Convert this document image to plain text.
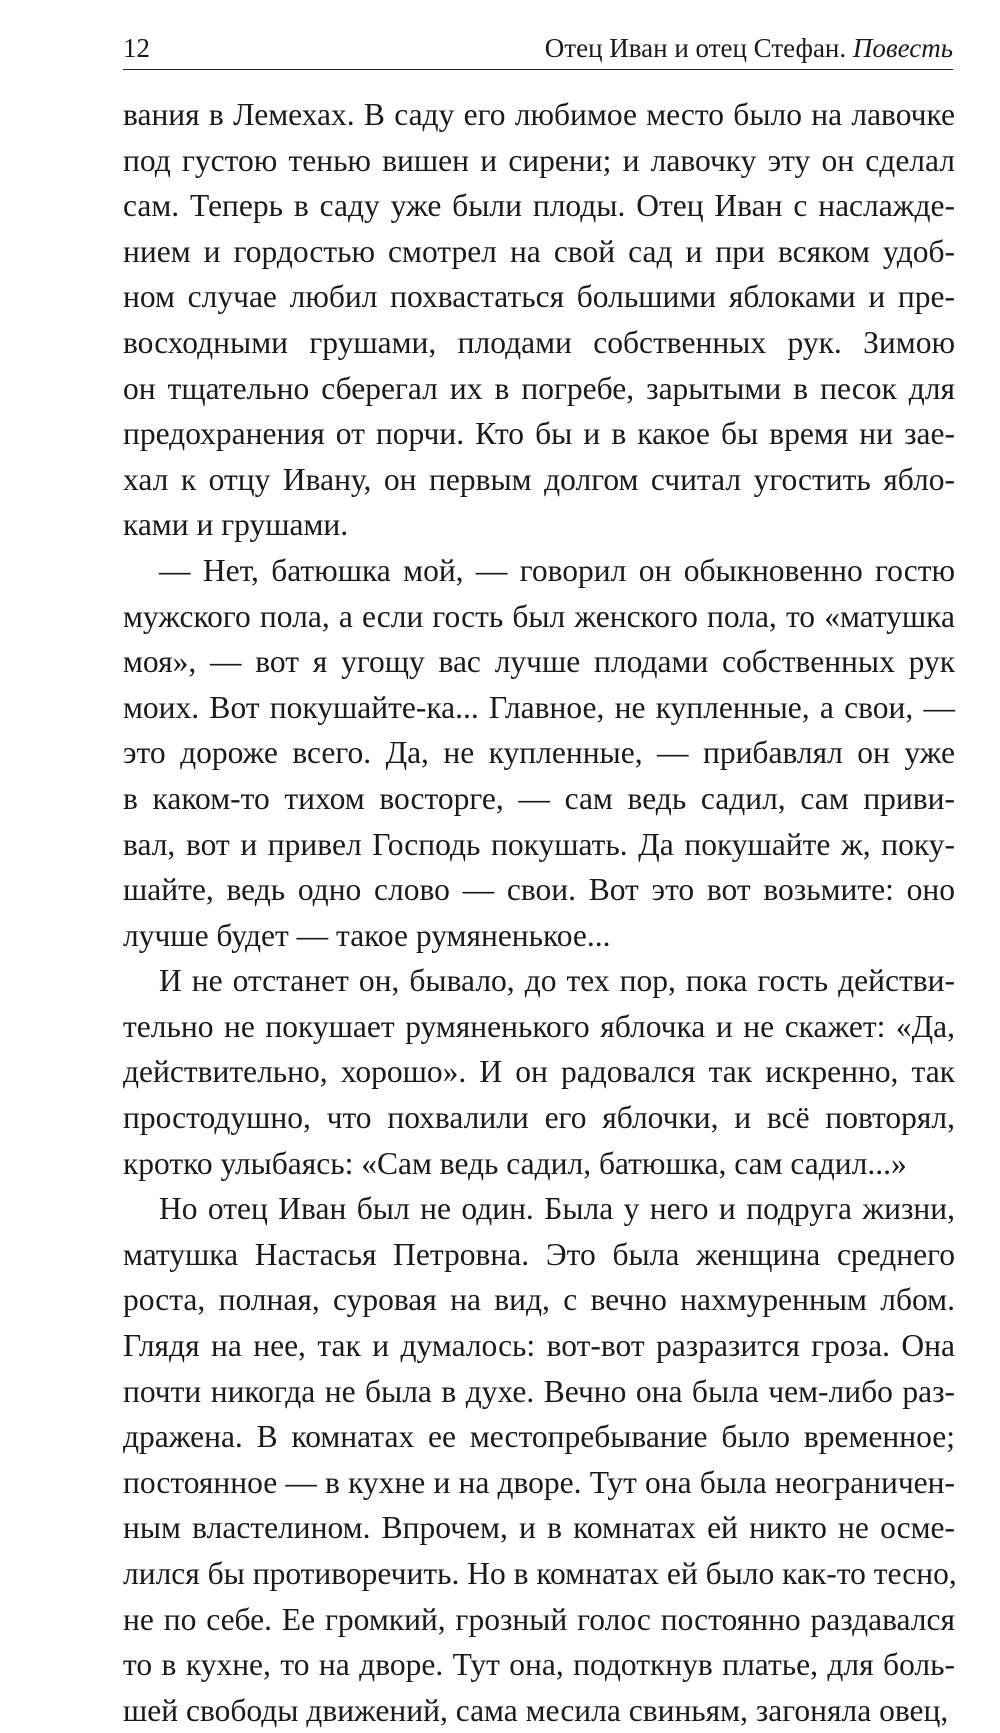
12	Отец Иван и отец Стефан. Повесть
вания в Лемехах. В саду его любимое место было на лавочке
под густою тенью вишен и сирени; и лавочку эту он сделал
сам. Теперь в саду уже были плоды. Отец Иван с наслажде-
нием и гордостью смотрел на свой сад и при всяком удоб-
ном случае любил похвастаться большими яблоками и пре-
восходными грушами, плодами собственных рук. Зимою
он тщательно сберегал их в погребе, зарытыми в песок для
предохранения от порчи. Кто бы и в какое бы время ни зае-
хал к отцу Ивану, он первым долгом считал угостить ябло-
ками и грушами.
— Нет, батюшка мой, — говорил он обыкновенно гостю
мужского пола, а если гость был женского пола, то «матушка
моя», — вот я угощу вас лучше плодами собственных рук
моих. Вот покушайте-ка... Главное, не купленные, а свои, —
это дороже всего. Да, не купленные, — прибавлял он уже
в каком-то тихом восторге, — сам ведь садил, сам приви-
вал, вот и привел Господь покушать. Да покушайте ж, поку-
шайте, ведь одно слово — свои. Вот это вот возьмите: оно
лучше будет — такое румяненькое...
И не отстанет он, бывало, до тех пор, пока гость действи-
тельно не покушает румяненького яблочка и не скажет: «Да,
действительно, хорошо». И он радовался так искренно, так
простодушно, что похвалили его яблочки, и всё повторял,
кротко улыбаясь: «Сам ведь садил, батюшка, сам садил...»
Но отец Иван был не один. Была у него и подруга жизни,
матушка Настасья Петровна. Это была женщина среднего
роста, полная, суровая на вид, с вечно нахмуренным лбом.
Глядя на нее, так и думалось: вот-вот разразится гроза. Она
почти никогда не была в духе. Вечно она была чем-либо раз-
дражена. В комнатах ее местопребывание было временное;
постоянное — в кухне и на дворе. Тут она была неограничен-
ным властелином. Впрочем, и в комнатах ей никто не осме-
лился бы противоречить. Но в комнатах ей было как-то тесно,
не по себе. Ее громкий, грозный голос постоянно раздавался
то в кухне, то на дворе. Тут она, подоткнув платье, для боль-
шей свободы движений, сама месила свиньям, загоняла овец,
